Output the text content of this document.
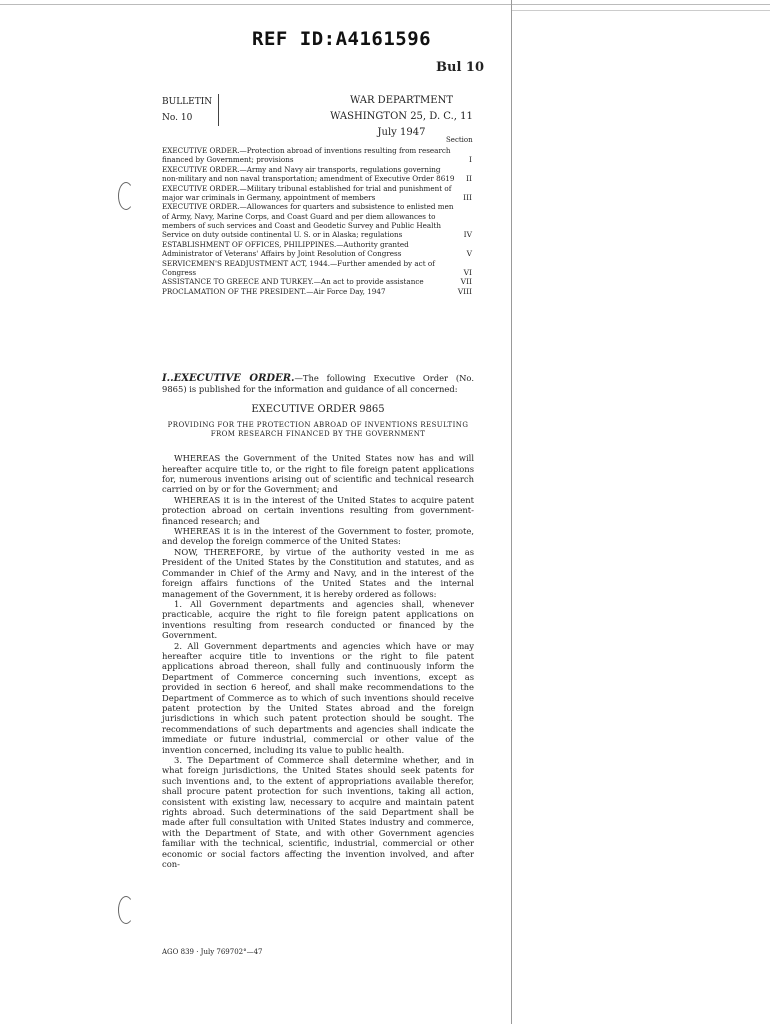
REF ID:A4161596
Bul 10
BULLETIN
No. 10
WAR DEPARTMENT
WASHINGTON 25, D. C., 11 July 1947
Section
EXECUTIVE ORDER.—Protection abroad of inventions resulting from research financed by Government; provisions	I
EXECUTIVE ORDER.—Army and Navy air transports, regulations governing non-military and non naval transportation; amendment of Executive Order 8619 II
EXECUTIVE ORDER.—Military tribunal established for trial and punishment of major war criminals in Germany, appointment of members	III
EXECUTIVE ORDER.—Allowances for quarters and subsistence to enlisted men of Army, Navy, Marine Corps, and Coast Guard and per diem allowances to members of such services and Coast and Geodetic Survey and Public Health Service on duty outside continental U. S. or in Alaska; regulations	IV
ESTABLISHMENT OF OFFICES, PHILIPPINES.—Authority granted Administrator of Veterans' Affairs by Joint Resolution of Congress	V
SERVICEMEN'S READJUSTMENT ACT, 1944.—Further amended by act of Congress	VI
ASSISTANCE TO GREECE AND TURKEY.—An act to provide assistance	VII
PROCLAMATION OF THE PRESIDENT.—Air Force Day, 1947	VIII

I..EXECUTIVE ORDER.—The following Executive Order (No. 9865) is published for the information and guidance of all concerned:

EXECUTIVE ORDER 9865
PROVIDING FOR THE PROTECTION ABROAD OF INVENTIONS RESULTING FROM RESEARCH FINANCED BY THE GOVERNMENT

WHEREAS the Government of the United States now has and will hereafter acquire title to, or the right to file foreign patent applications for, numerous inventions arising out of scientific and technical research carried on by or for the Government; and

WHEREAS it is in the interest of the United States to acquire patent protection abroad on certain inventions resulting from government-financed research; and

WHEREAS it is in the interest of the Government to foster, promote, and develop the foreign commerce of the United States:

NOW, THEREFORE, by virtue of the authority vested in me as President of the United States by the Constitution and statutes, and as Commander in Chief of the Army and Navy, and in the interest of the foreign affairs functions of the United States and the internal management of the Government, it is hereby ordered as follows:

1. All Government departments and agencies shall, whenever practicable, acquire the right to file foreign patent applications on inventions resulting from research conducted or financed by the Government.

2. All Government departments and agencies which have or may hereafter acquire title to inventions or the right to file patent applications abroad thereon, shall fully and continuously inform the Department of Commerce concerning such inventions, except as provided in section 6 hereof, and shall make recommendations to the Department of Commerce as to which of such inventions should receive patent protection by the United States abroad and the foreign jurisdictions in which such patent protection should be sought. The recommendations of such departments and agencies shall indicate the immediate or future industrial, commercial or other value of the invention concerned, including its value to public health.

3. The Department of Commerce shall determine whether, and in what foreign jurisdictions, the United States should seek patents for such inventions and, to the extent of appropriations available therefor, shall procure patent protection for such inventions, taking all action, consistent with existing law, necessary to acquire and maintain patent rights abroad. Such determinations of the said Department shall be made after full consultation with United States industry and commerce, with the Department of State, and with other Government agencies familiar with the technical, scientific, industrial, commercial or other economic or social factors affecting the invention involved, and after con-

AGO 839 · July 769702°—47
